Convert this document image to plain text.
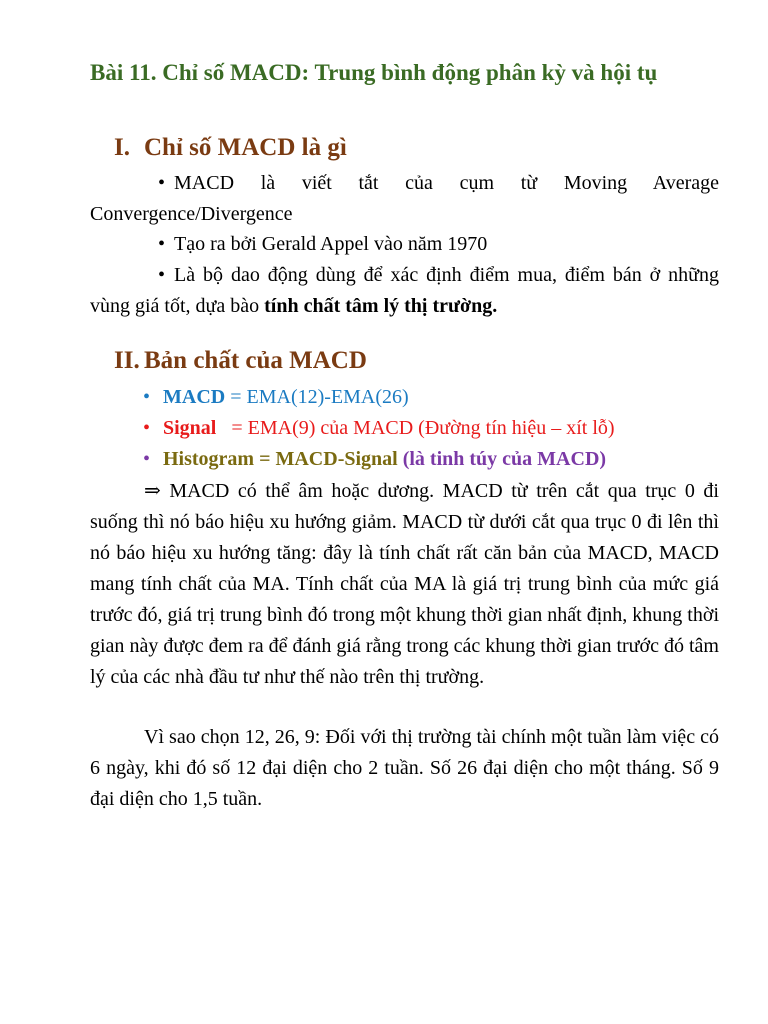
Bài 11. Chỉ số MACD: Trung bình động phân kỳ và hội tụ
I. Chỉ số MACD là gì
• MACD là viết tắt của cụm từ Moving Average Convergence/Divergence
• Tạo ra bởi Gerald Appel vào năm 1970
• Là bộ dao động dùng để xác định điểm mua, điểm bán ở những vùng giá tốt, dựa bào tính chất tâm lý thị trường.
II. Bản chất của MACD
• MACD = EMA(12)-EMA(26)
• Signal   = EMA(9) của MACD (Đường tín hiệu – xít lỗ)
• Histogram = MACD-Signal (là tinh túy của MACD)
⇒ MACD có thể âm hoặc dương. MACD từ trên cắt qua trục 0 đi suống thì nó báo hiệu xu hướng giảm. MACD từ dưới cắt qua trục 0 đi lên thì nó báo hiệu xu hướng tăng: đây là tính chất rất căn bản của MACD, MACD mang tính chất của MA. Tính chất của MA là giá trị trung bình của mức giá trước đó, giá trị trung bình đó trong một khung thời gian nhất định, khung thời gian này được đem ra để đánh giá rằng trong các khung thời gian trước đó tâm lý của các nhà đầu tư như thế nào trên thị trường.
Vì sao chọn 12, 26, 9: Đối với thị trường tài chính một tuần làm việc có 6 ngày, khi đó số 12 đại diện cho 2 tuần. Số 26 đại diện cho một tháng. Số 9 đại diện cho 1,5 tuần.
